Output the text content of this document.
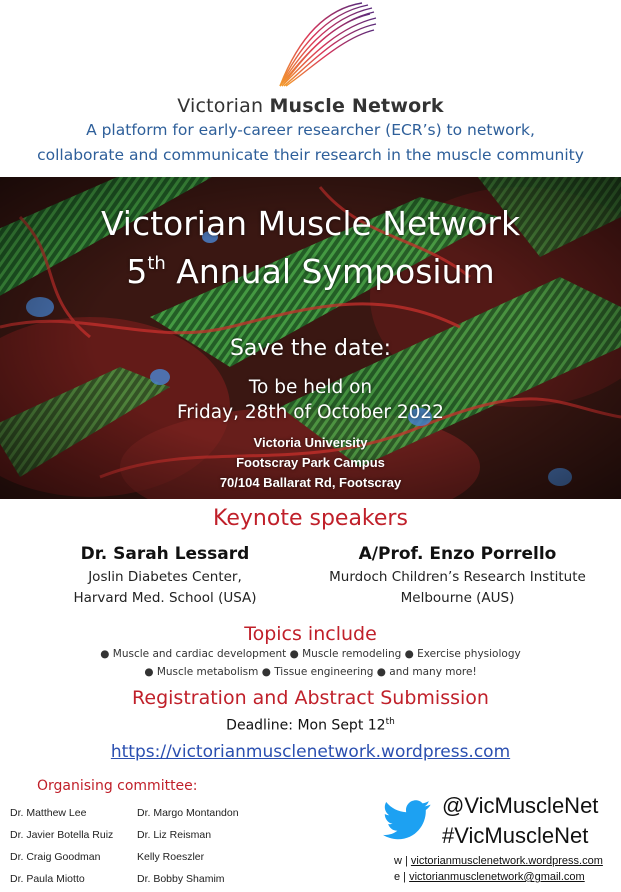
Victorian Muscle Network
A platform for early-career researcher (ECR’s) to network,
collaborate and communicate their research in the muscle community
Victorian Muscle Network
5th Annual Symposium
Save the date:
To be held on
Friday, 28th of October 2022
Victoria University
Footscray Park Campus
70/104 Ballarat Rd, Footscray
Keynote speakers
Dr. Sarah Lessard
Joslin Diabetes Center,
Harvard Med. School (USA)
A/Prof. Enzo Porrello
Murdoch Children’s Research Institute
Melbourne (AUS)
Topics include
● Muscle and cardiac development ● Muscle remodeling ● Exercise physiology
● Muscle metabolism ● Tissue engineering ● and many more!
Registration and Abstract Submission
Deadline: Mon Sept 12th
https://victorianmusclenetwork.wordpress.com
Organising committee:
Dr. Matthew Lee
Dr. Javier Botella Ruiz
Dr. Craig Goodman
Dr. Paula Miotto
Dr. Margo Montandon
Dr. Liz Reisman
Kelly Roeszler
Dr. Bobby Shamim
@VicMuscleNet
#VicMuscleNet
w | victorianmusclenetwork.wordpress.com
e | victorianmusclenetwork@gmail.com
